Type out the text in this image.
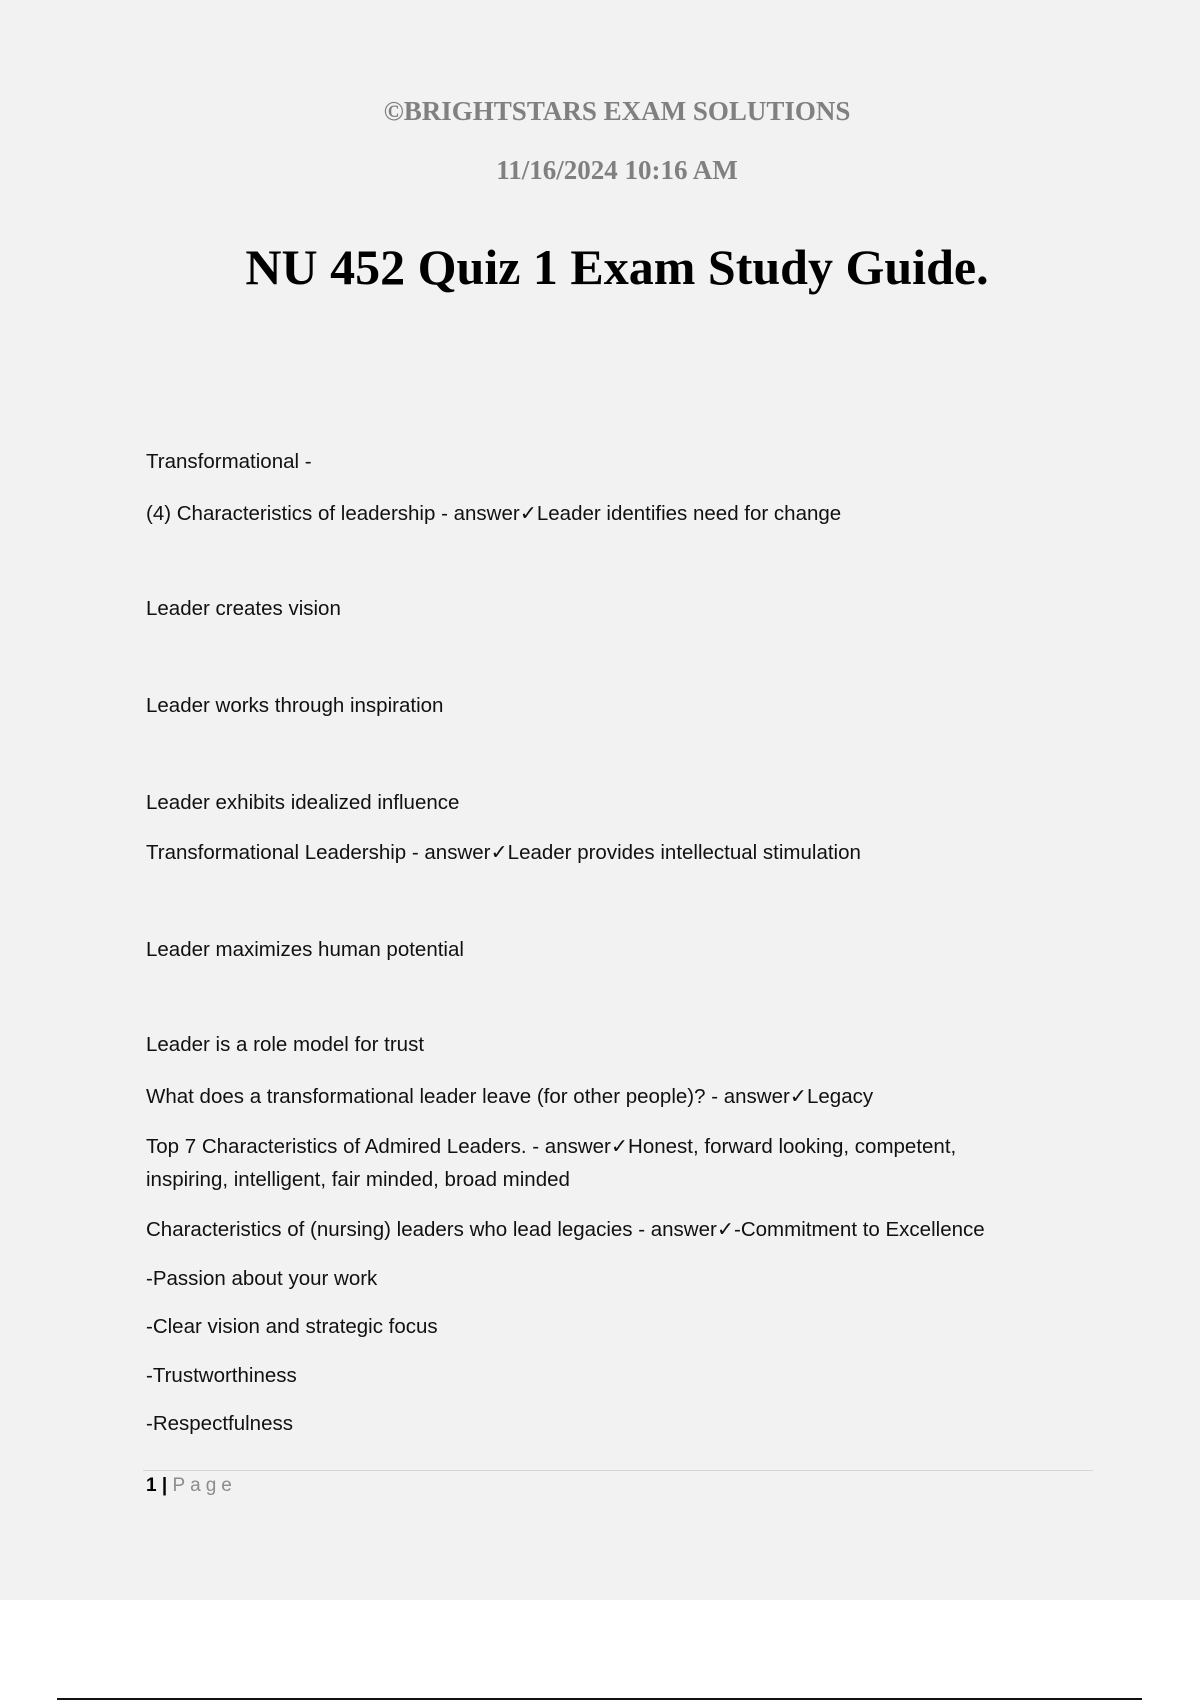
©BRIGHTSTARS EXAM SOLUTIONS
11/16/2024 10:16 AM
NU 452 Quiz 1 Exam Study Guide.
Transformational -
(4) Characteristics of leadership - answer✓Leader identifies need for change
Leader creates vision
Leader works through inspiration
Leader exhibits idealized influence
Transformational Leadership - answer✓Leader provides intellectual stimulation
Leader maximizes human potential
Leader is a role model for trust
What does a transformational leader leave (for other people)? - answer✓Legacy
Top 7 Characteristics of Admired Leaders. - answer✓Honest, forward looking, competent,
inspiring, intelligent, fair minded, broad minded
Characteristics of (nursing) leaders who lead legacies - answer✓-Commitment to Excellence
-Passion about your work
-Clear vision and strategic focus
-Trustworthiness
-Respectfulness
1 | Page
